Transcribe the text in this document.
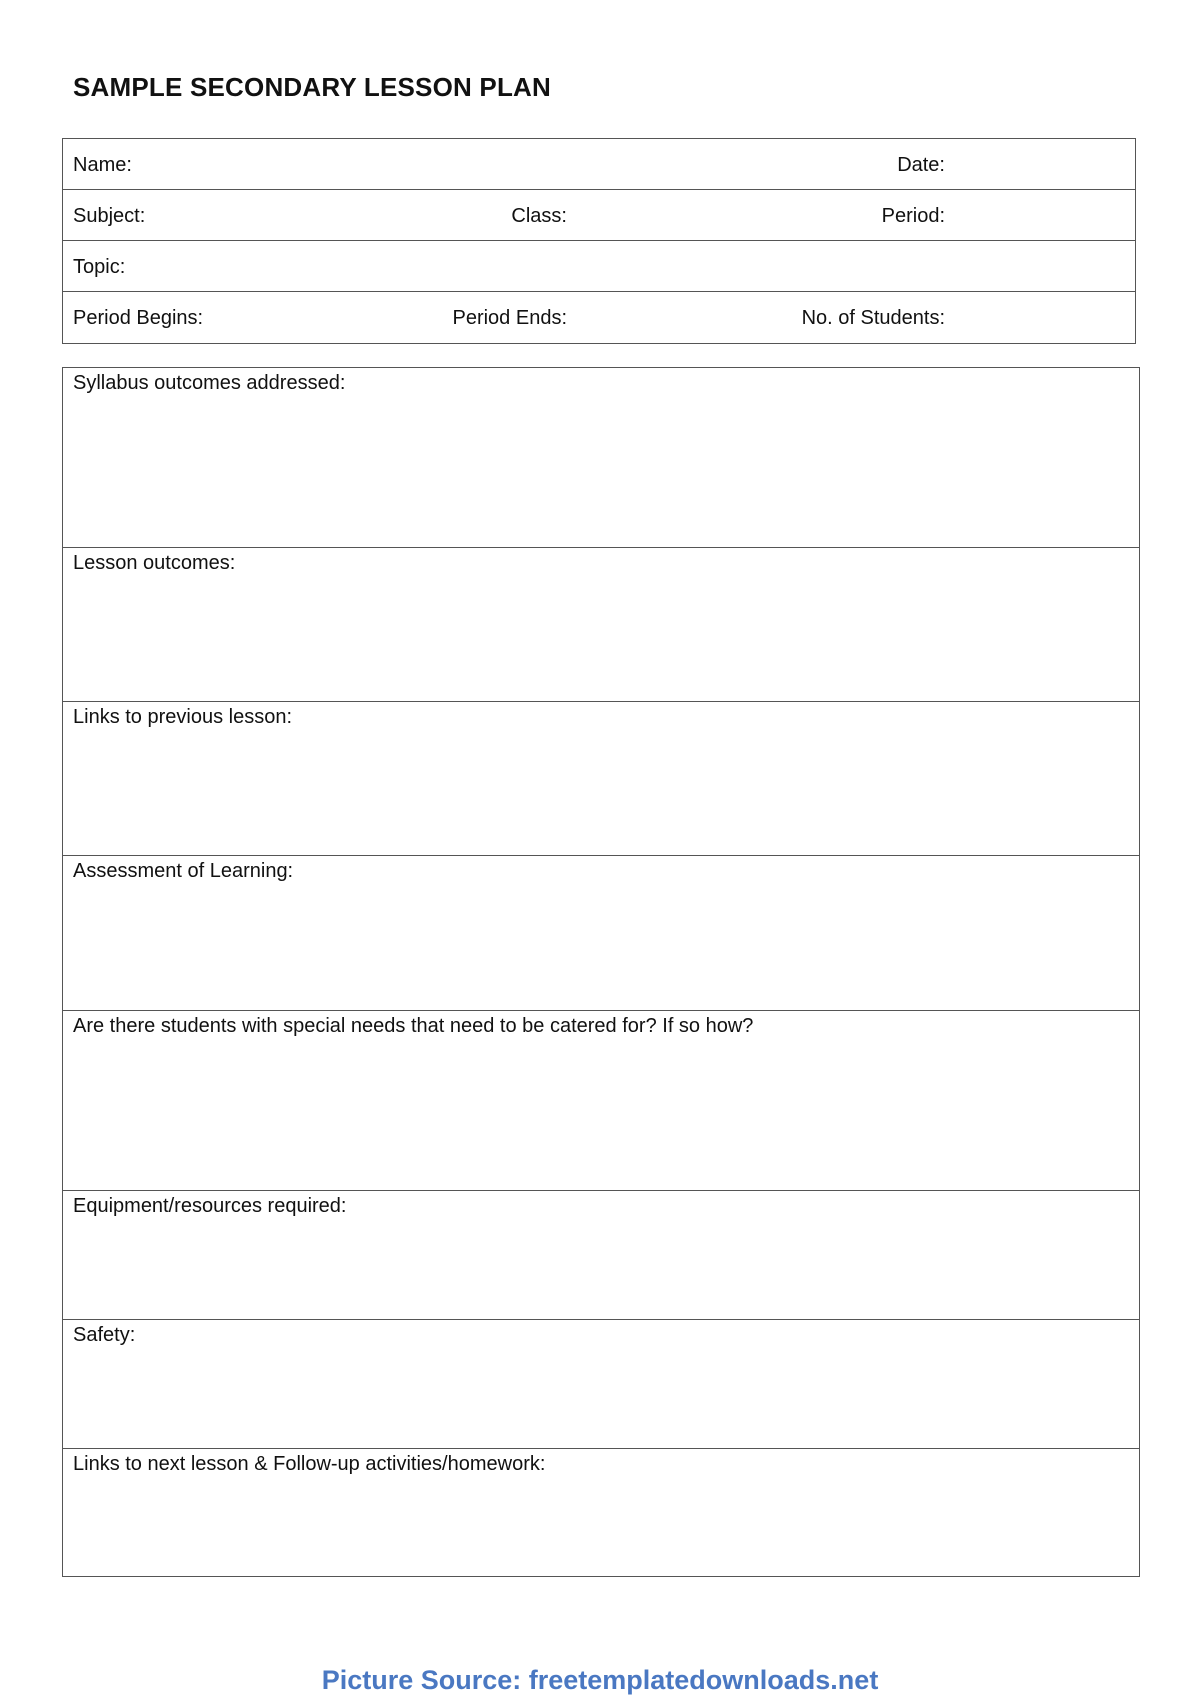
SAMPLE SECONDARY LESSON PLAN
Name:	Date:
Subject:	Class:	Period:
Topic:
Period Begins:	Period Ends:	No. of Students:
Syllabus outcomes addressed:
Lesson outcomes:
Links to previous lesson:
Assessment of Learning:
Are there students with special needs that need to be catered for? If so how?
Equipment/resources required:
Safety:
Links to next lesson & Follow-up activities/homework:
Picture Source: freetemplatedownloads.net
